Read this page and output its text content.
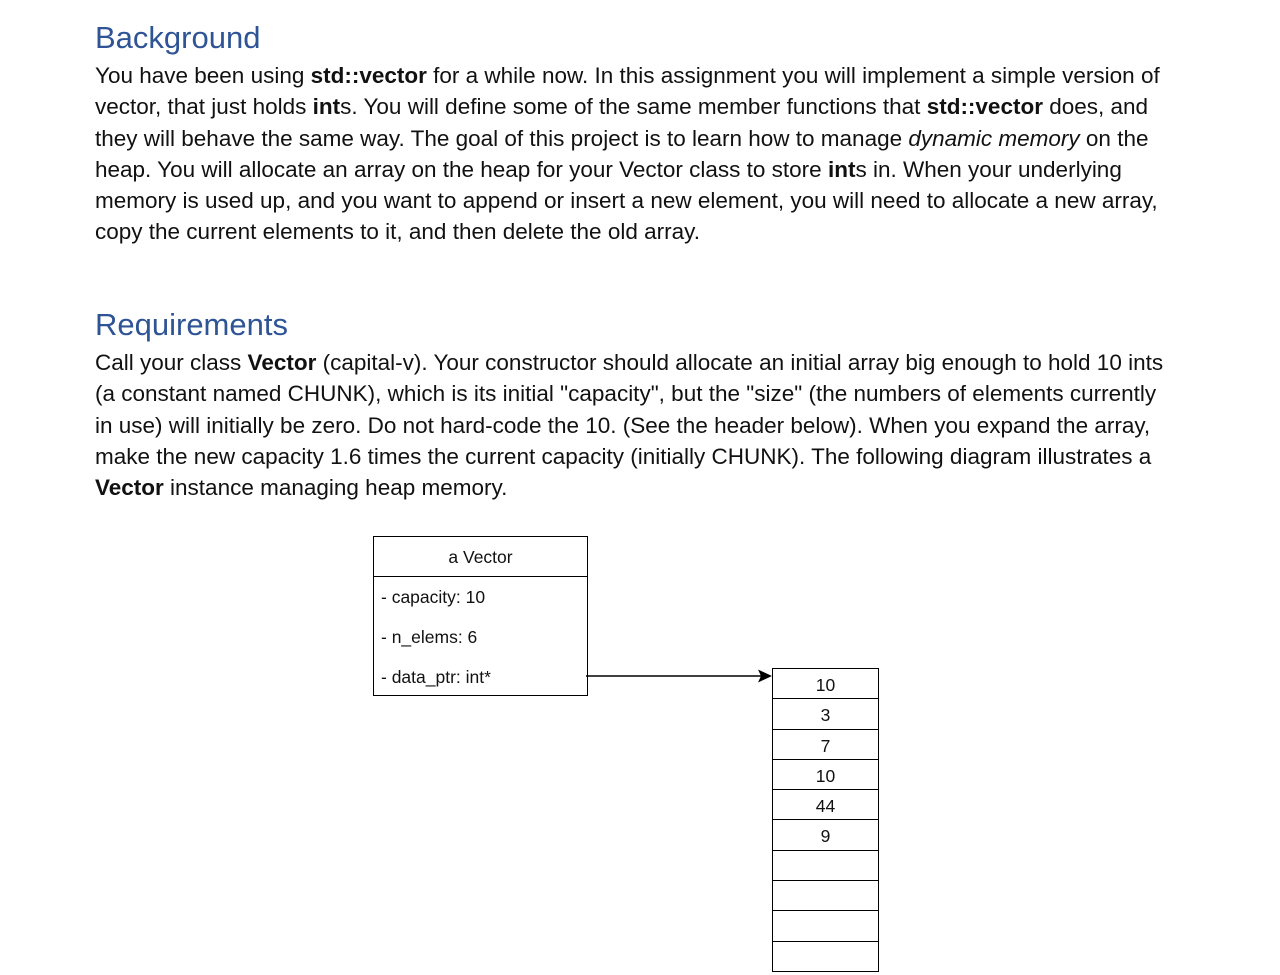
Background

You have been using std::vector for a while now. In this assignment you will implement a simple version of vector, that just holds ints. You will define some of the same member functions that std::vector does, and they will behave the same way. The goal of this project is to learn how to manage dynamic memory on the heap. You will allocate an array on the heap for your Vector class to store ints in. When your underlying memory is used up, and you want to append or insert a new element, you will need to allocate a new array, copy the current elements to it, and then delete the old array.

Requirements

Call your class Vector (capital-v). Your constructor should allocate an initial array big enough to hold 10 ints (a constant named CHUNK), which is its initial "capacity", but the "size" (the numbers of elements currently in use) will initially be zero. Do not hard-code the 10. (See the header below). When you expand the array, make the new capacity 1.6 times the current capacity (initially CHUNK). The following diagram illustrates a Vector instance managing heap memory.

a Vector
- capacity: 10
- n_elems: 6
- data_ptr: int*	10
3
7
10
44
9
